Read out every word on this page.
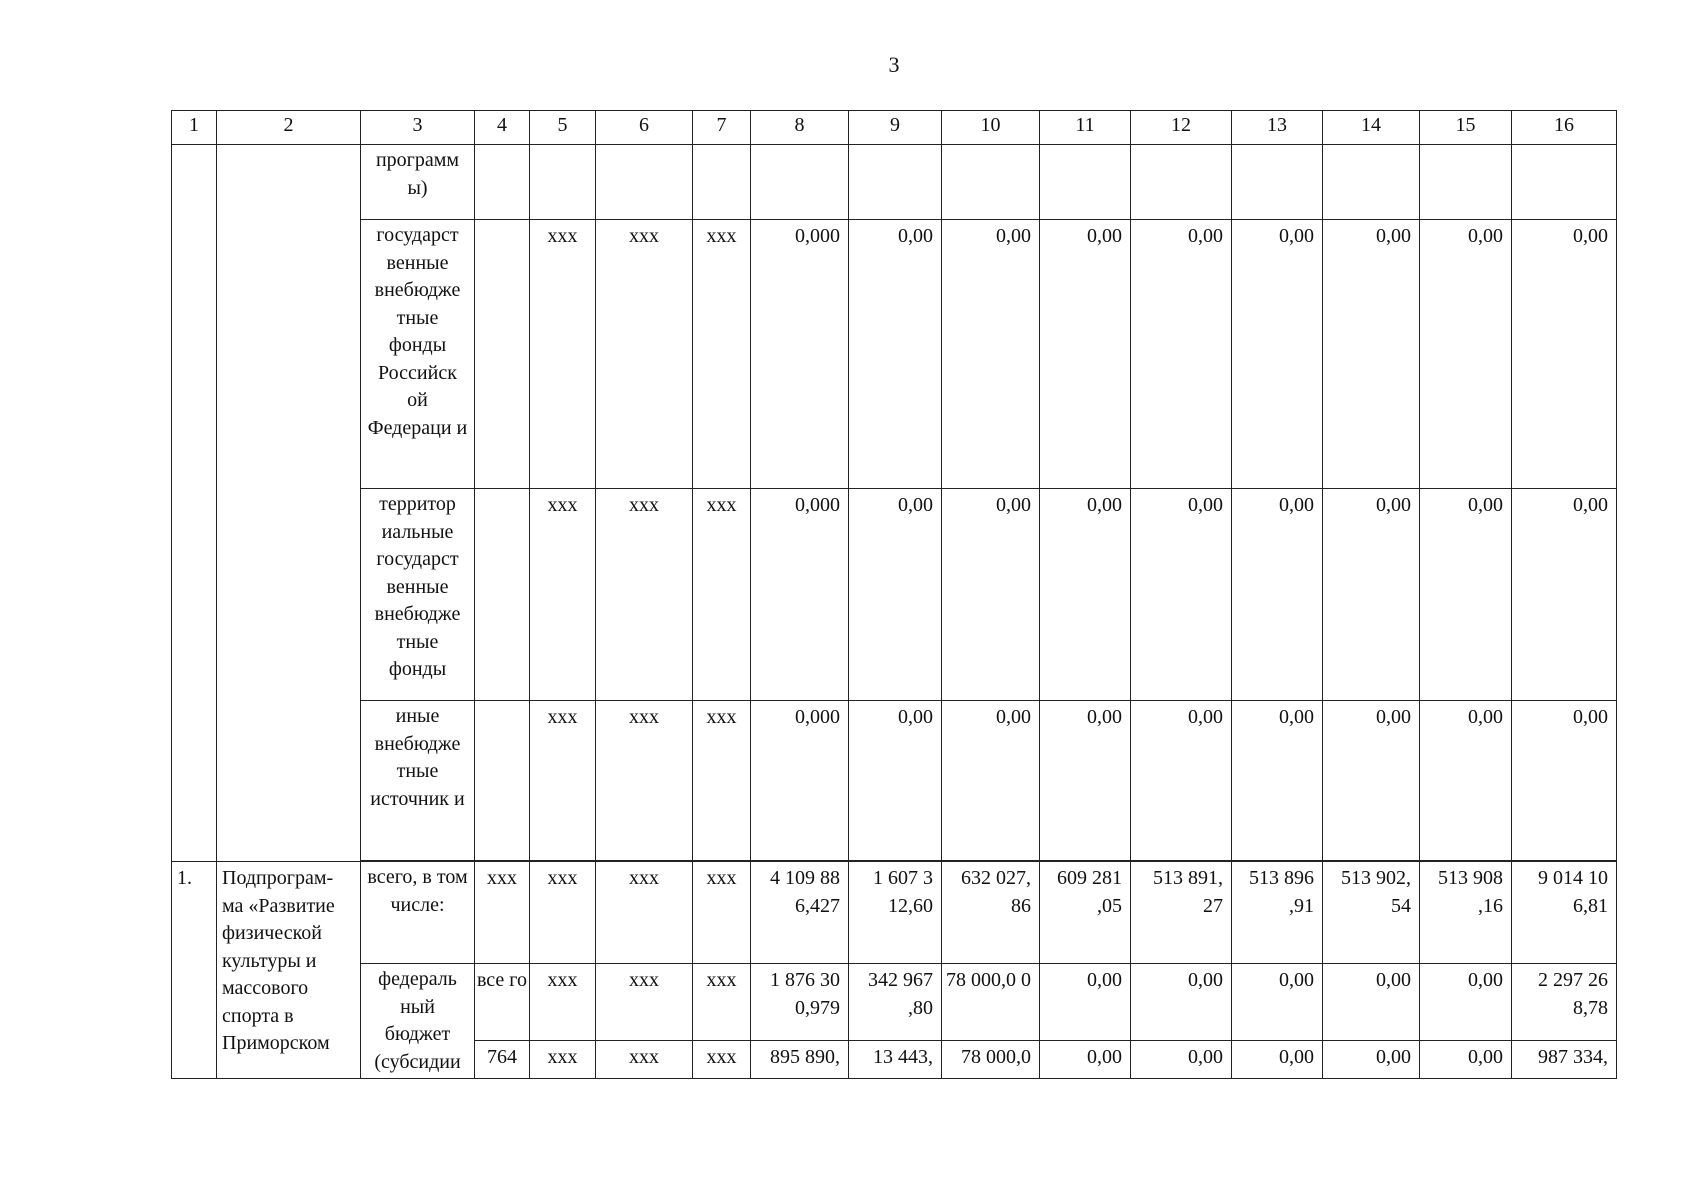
3
1	2	3	4	5	6	7	8	9	10	11	12	13	14	15	16
		программ ы)													
		государст венные внебюдже тные фонды Российск ой Федераци и		xxx	xxx	xxx	0,000	0,00	0,00	0,00	0,00	0,00	0,00	0,00	0,00
		территор иальные государст венные внебюдже тные фонды		xxx	xxx	xxx	0,000	0,00	0,00	0,00	0,00	0,00	0,00	0,00	0,00
		иные внебюдже тные источник и		xxx	xxx	xxx	0,000	0,00	0,00	0,00	0,00	0,00	0,00	0,00	0,00

1.	Подпрограм- ма «Развитие физической культуры и массового спорта в Приморском	всего, в том числе:	xxx	xxx	xxx	xxx	4 109 88 6,427	1 607 3 12,60	632 027, 86	609 281 ,05	513 891, 27	513 896 ,91	513 902, 54	513 908 ,16	9 014 10 6,81
		федераль ный бюджет (субсидии	все го	xxx	xxx	xxx	1 876 30 0,979	342 967 ,80	78 000,0 0	0,00	0,00	0,00	0,00	0,00	2 297 26 8,78
			764	xxx	xxx	xxx	895 890,	13 443,	78 000,0	0,00	0,00	0,00	0,00	0,00	987 334,
